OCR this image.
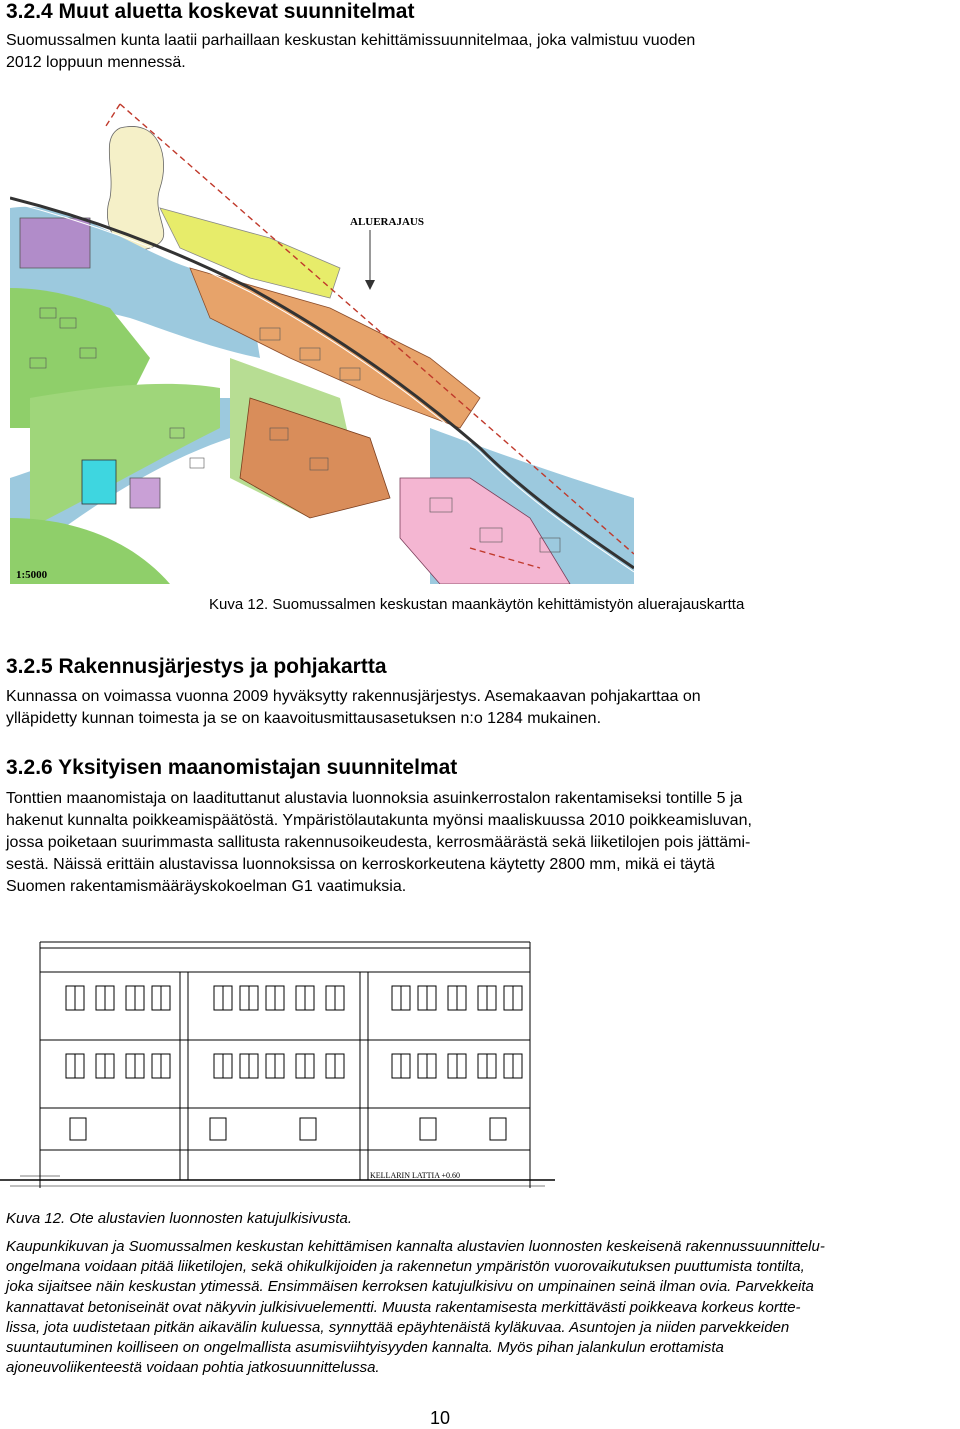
3.2.4 Muut aluetta koskevat suunnitelmat
Suomussalmen kunta laatii parhaillaan keskustan kehittämissuunnitelmaa, joka valmistuu vuoden
2012 loppuun mennessä.
ALUERAJAUS
1:5000
Kuva 12. Suomussalmen keskustan maankäytön kehittämistyön aluerajauskartta
3.2.5 Rakennusjärjestys ja pohjakartta
Kunnassa on voimassa vuonna 2009 hyväksytty rakennusjärjestys. Asemakaavan pohjakarttaa on
ylläpidetty kunnan toimesta ja se on kaavoitusmittausasetuksen n:o 1284 mukainen.
3.2.6 Yksityisen maanomistajan suunnitelmat
Tonttien maanomistaja on laadituttanut alustavia luonnoksia asuinkerrostalon rakentamiseksi tontille 5 ja
hakenut kunnalta poikkeamispäätöstä. Ympäristölautakunta myönsi maaliskuussa 2010 poikkeamisluvan,
jossa poiketaan suurimmasta sallitusta rakennusoikeudesta, kerrosmäärästä sekä liiketilojen pois jättämi-
sestä. Näissä erittäin alustavissa luonnoksissa on kerroskorkeutena käytetty 2800 mm, mikä ei täytä
Suomen rakentamismääräyskokoelman G1 vaatimuksia.
KELLARIN LATTIA +0.60
Kuva 12. Ote alustavien luonnosten katujulkisivusta.
Kaupunkikuvan ja Suomussalmen keskustan kehittämisen kannalta alustavien luonnosten keskeisenä rakennussuunnittelu-
ongelmana voidaan pitää liiketilojen, sekä ohikulkijoiden ja rakennetun ympäristön vuorovaikutuksen puuttumista tontilta,
joka sijaitsee näin keskustan ytimessä. Ensimmäisen kerroksen katujulkisivu on umpinainen seinä ilman ovia. Parvekkeita
kannattavat betoniseinät ovat näkyvin julkisivuelementti. Muusta rakentamisesta merkittävästi poikkeava korkeus kortte-
lissa, jota uudistetaan pitkän aikavälin kuluessa, synnyttää epäyhtenäistä kyläkuvaa. Asuntojen ja niiden parvekkeiden
suuntautuminen koilliseen on ongelmallista asumisviihtyisyyden kannalta. Myös pihan jalankulun erottamista
ajoneuvoliikenteestä voidaan pohtia jatkosuunnittelussa.
10
